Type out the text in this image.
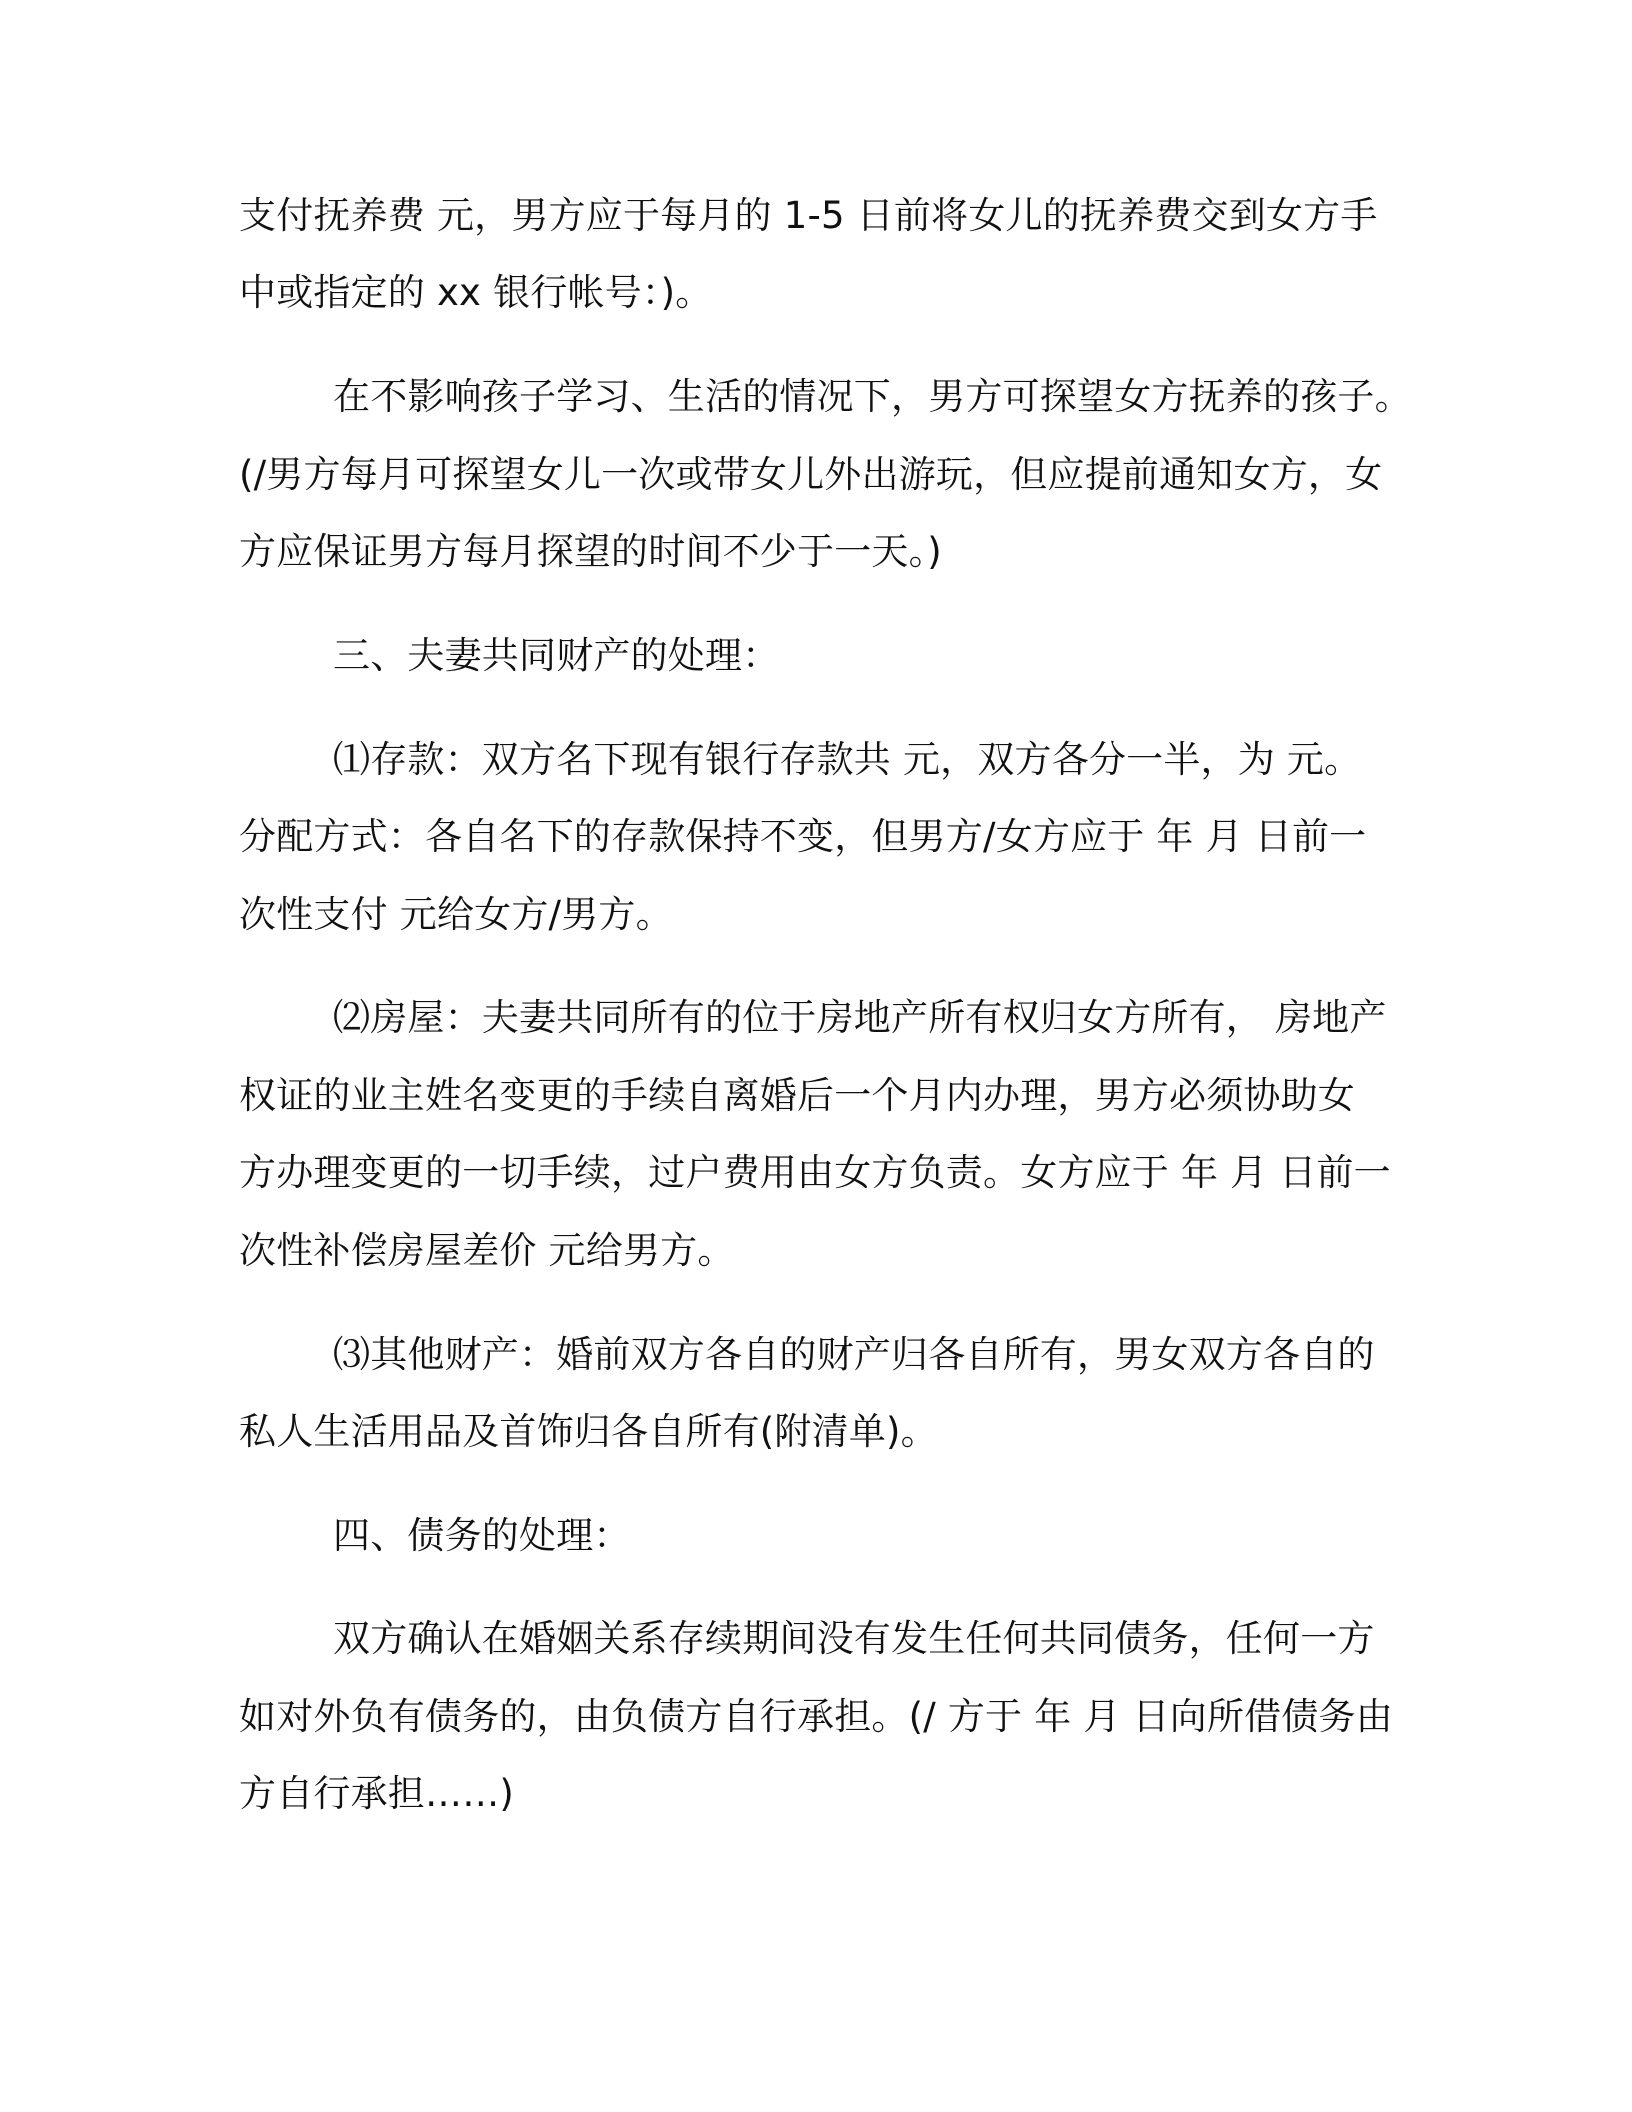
支付抚养费 元，男方应于每月的 1-5 日前将女儿的抚养费交到女方手
中或指定的 xx 银行帐号：)。
在不影响孩子学习、生活的情况下，男方可探望女方抚养的孩子。
(/男方每月可探望女儿一次或带女儿外出游玩，但应提前通知女方，女
方应保证男方每月探望的时间不少于一天。)
三、夫妻共同财产的处理：
⑴存款：双方名下现有银行存款共 元，双方各分一半，为 元。
分配方式：各自名下的存款保持不变，但男方/女方应于 年 月 日前一
次性支付 元给女方/男方。
⑵房屋：夫妻共同所有的位于房地产所有权归女方所有， 房地产
权证的业主姓名变更的手续自离婚后一个月内办理，男方必须协助女
方办理变更的一切手续，过户费用由女方负责。女方应于 年 月 日前一
次性补偿房屋差价 元给男方。
⑶其他财产：婚前双方各自的财产归各自所有，男女双方各自的
私人生活用品及首饰归各自所有(附清单)。
四、债务的处理：
双方确认在婚姻关系存续期间没有发生任何共同债务，任何一方
如对外负有债务的，由负债方自行承担。(/ 方于 年 月 日向所借债务由
方自行承担……)
